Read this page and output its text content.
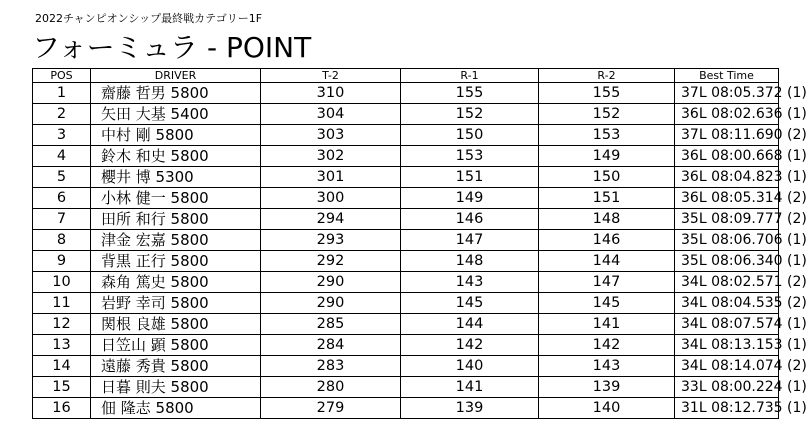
2022チャンピオンシップ最終戦カテゴリー1F
フォーミュラ - POINT
POS	DRIVER	T-2	R-1	R-2	Best Time
1	齋藤 哲男 5800	310	155	155	37L 08:05.372 (1)
2	矢田 大基 5400	304	152	152	36L 08:02.636 (1)
3	中村 剛 5800	303	150	153	37L 08:11.690 (2)
4	鈴木 和史 5800	302	153	149	36L 08:00.668 (1)
5	櫻井 博 5300	301	151	150	36L 08:04.823 (1)
6	小林 健一 5800	300	149	151	36L 08:05.314 (2)
7	田所 和行 5800	294	146	148	35L 08:09.777 (2)
8	津金 宏嘉 5800	293	147	146	35L 08:06.706 (1)
9	背黒 正行 5800	292	148	144	35L 08:06.340 (1)
10	森角 篤史 5800	290	143	147	34L 08:02.571 (2)
11	岩野 幸司 5800	290	145	145	34L 08:04.535 (2)
12	関根 良雄 5800	285	144	141	34L 08:07.574 (1)
13	日笠山 顕 5800	284	142	142	34L 08:13.153 (1)
14	遠藤 秀貴 5800	283	140	143	34L 08:14.074 (2)
15	日暮 則夫 5800	280	141	139	33L 08:00.224 (1)
16	佃 隆志 5800	279	139	140	31L 08:12.735 (1)
